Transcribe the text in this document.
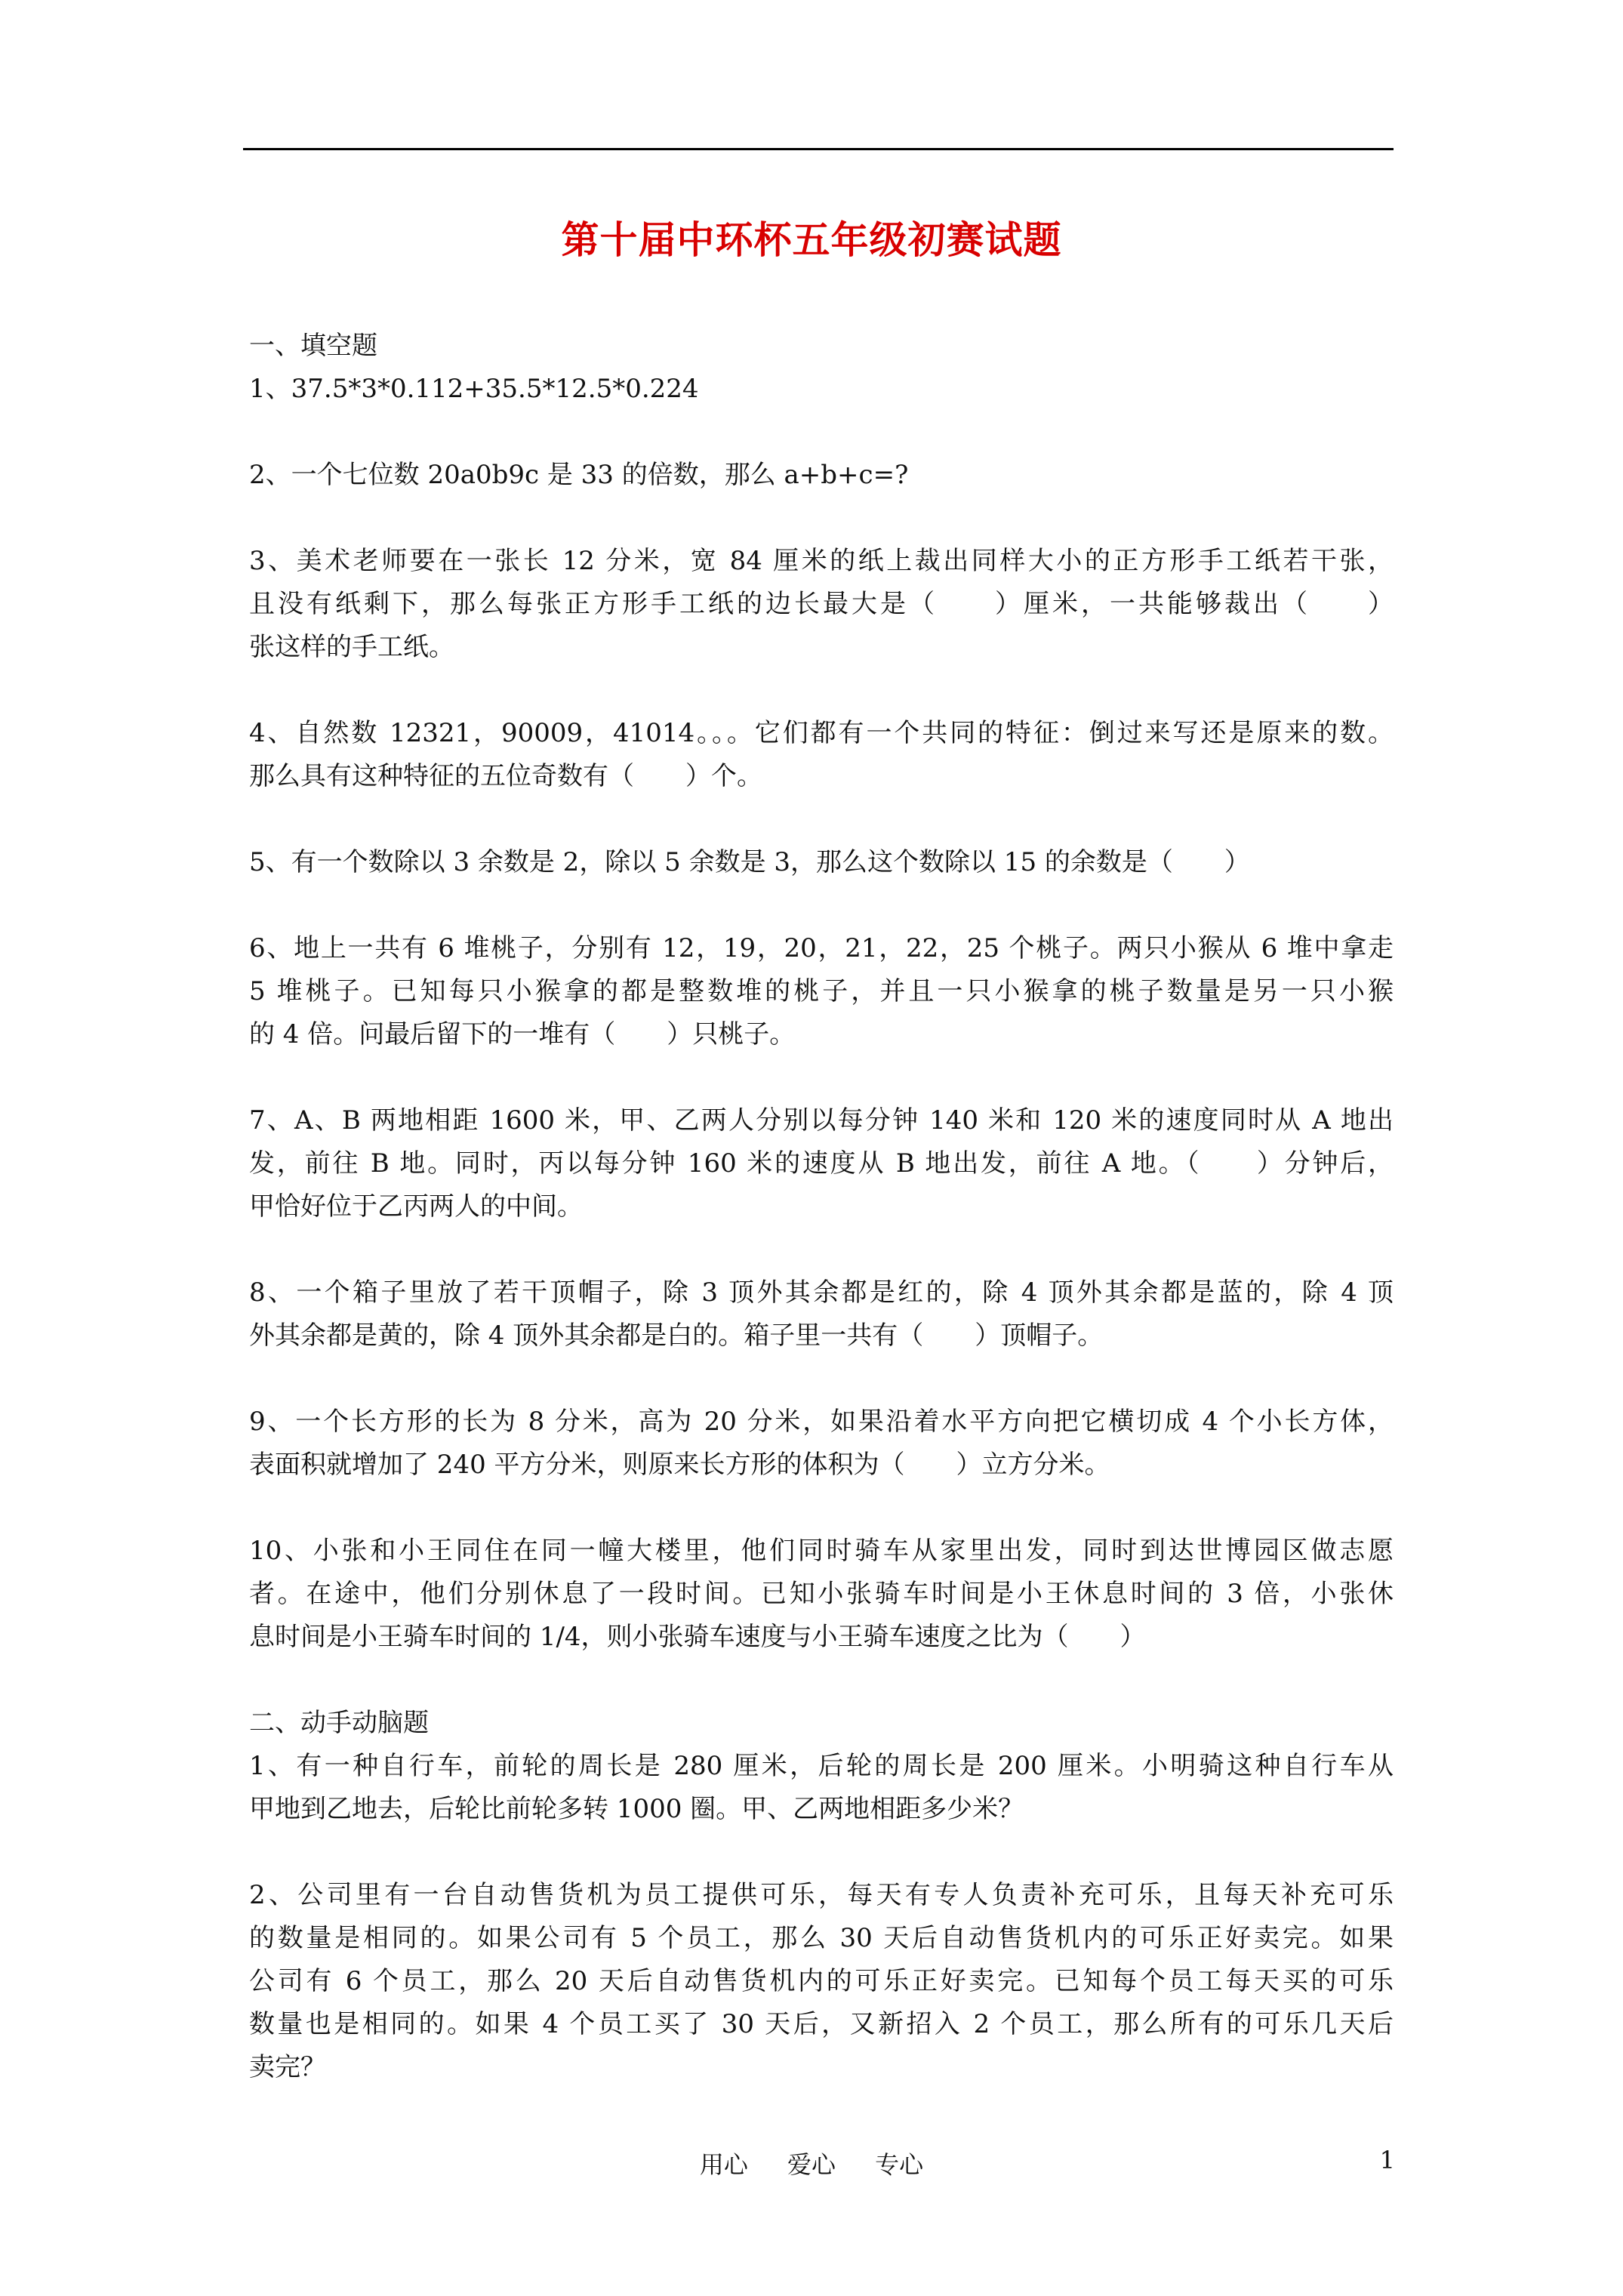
第十届中环杯五年级初赛试题
一、填空题
1、37.5*3*0.112+35.5*12.5*0.224
2、一个七位数 20a0b9c 是 33 的倍数，那么 a+b+c=?
3、美术老师要在一张长 12 分米，宽 84 厘米的纸上裁出同样大小的正方形手工纸若干张，
且没有纸剩下，那么每张正方形手工纸的边长最大是（　　）厘米，一共能够裁出（　　）
张这样的手工纸。
4、自然数 12321，90009，41014。。。它们都有一个共同的特征：倒过来写还是原来的数。
那么具有这种特征的五位奇数有（　　）个。
5、有一个数除以 3 余数是 2，除以 5 余数是 3，那么这个数除以 15 的余数是（　　）
6、地上一共有 6 堆桃子，分别有 12，19，20，21，22，25 个桃子。两只小猴从 6 堆中拿走
5 堆桃子。已知每只小猴拿的都是整数堆的桃子，并且一只小猴拿的桃子数量是另一只小猴
的 4 倍。问最后留下的一堆有（　　）只桃子。
7、A、B 两地相距 1600 米，甲、乙两人分别以每分钟 140 米和 120 米的速度同时从 A 地出
发，前往 B 地。同时，丙以每分钟 160 米的速度从 B 地出发，前往 A 地。（　　）分钟后，
甲恰好位于乙丙两人的中间。
8、一个箱子里放了若干顶帽子，除 3 顶外其余都是红的，除 4 顶外其余都是蓝的，除 4 顶
外其余都是黄的，除 4 顶外其余都是白的。箱子里一共有（　　）顶帽子。
9、一个长方形的长为 8 分米，高为 20 分米，如果沿着水平方向把它横切成 4 个小长方体，
表面积就增加了 240 平方分米，则原来长方形的体积为（　　）立方分米。
10、小张和小王同住在同一幢大楼里，他们同时骑车从家里出发，同时到达世博园区做志愿
者。在途中，他们分别休息了一段时间。已知小张骑车时间是小王休息时间的 3 倍，小张休
息时间是小王骑车时间的 1/4，则小张骑车速度与小王骑车速度之比为（　　）
二、动手动脑题
1、有一种自行车，前轮的周长是 280 厘米，后轮的周长是 200 厘米。小明骑这种自行车从
甲地到乙地去，后轮比前轮多转 1000 圈。甲、乙两地相距多少米？
2、公司里有一台自动售货机为员工提供可乐，每天有专人负责补充可乐，且每天补充可乐
的数量是相同的。如果公司有 5 个员工，那么 30 天后自动售货机内的可乐正好卖完。如果
公司有 6 个员工，那么 20 天后自动售货机内的可乐正好卖完。已知每个员工每天买的可乐
数量也是相同的。如果 4 个员工买了 30 天后，又新招入 2 个员工，那么所有的可乐几天后
卖完？
用心 爱心 专心	1
